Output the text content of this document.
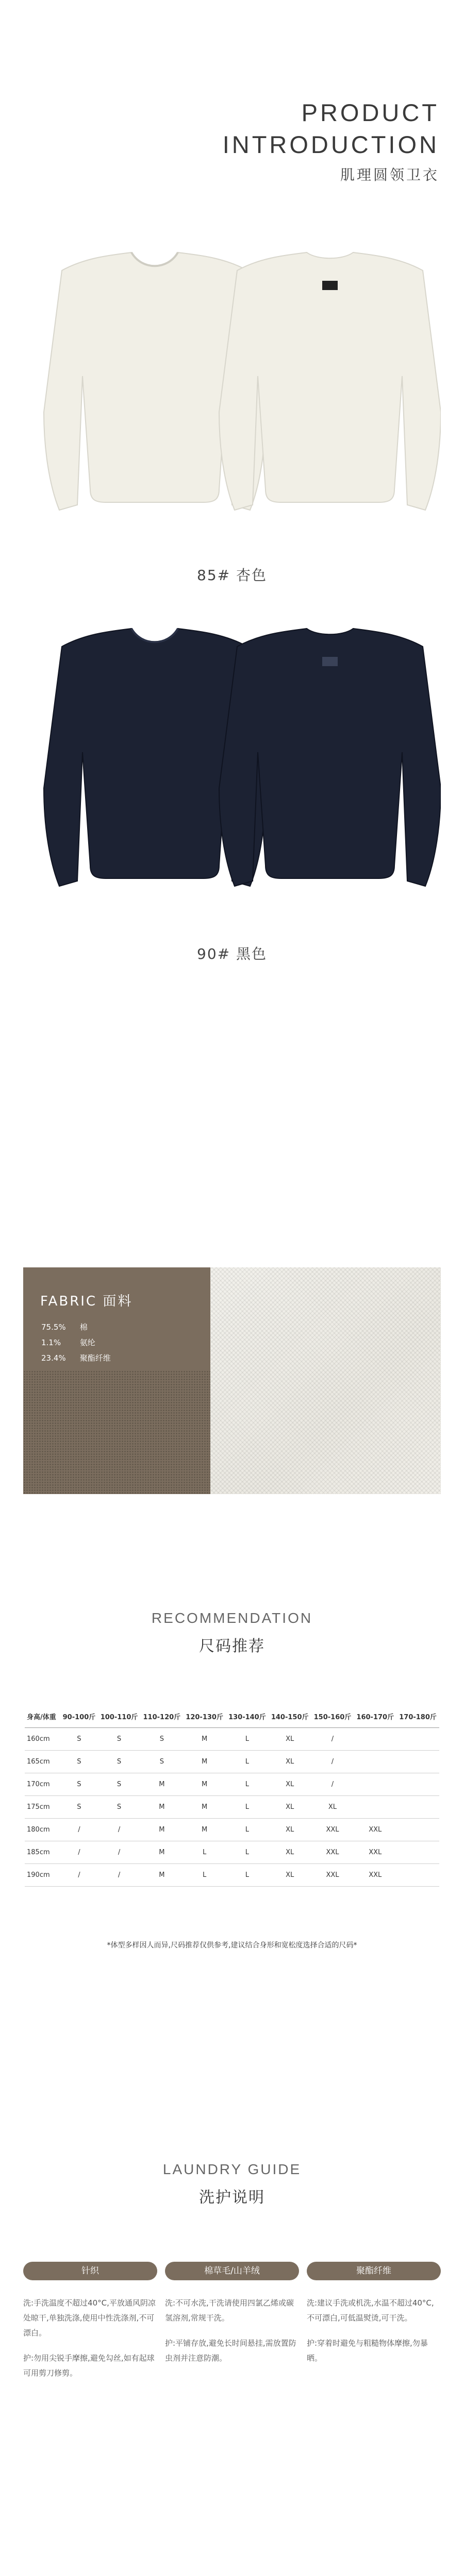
PRODUCT
INTRODUCTION
肌理圆领卫衣
85# 杏色
90# 黑色
FABRIC 面料
75.5% 棉
1.1% 氨纶
23.4% 聚酯纤维
RECOMMENDATION
尺码推荐
身高/体重	90-100斤	100-110斤	110-120斤	120-130斤	130-140斤	140-150斤	150-160斤	160-170斤	170-180斤
160cm	S	S	S	M	L	XL	/		
165cm	S	S	S	M	L	XL	/		
170cm	S	S	M	M	L	XL	/		
175cm	S	S	M	M	L	XL	XL		
180cm	/	/	M	M	L	XL	XXL	XXL	
185cm	/	/	M	L	L	XL	XXL	XXL	
190cm	/	/	M	L	L	XL	XXL	XXL	
*体型多样因人而异,尺码推荐仅供参考,建议结合身形和宽松度选择合适的尺码*
LAUNDRY GUIDE
洗护说明
针织

洗:手洗温度不超过40°C,平放通风阴凉处晾干,单独洗涤,使用中性洗涤剂,不可漂白。

护:勿用尖锐手摩擦,避免勾丝,如有起球可用剪刀修剪。

棉草毛/山羊绒

洗:不可水洗,干洗请使用四氯乙烯或碳氢溶剂,常规干洗。

护:平铺存放,避免长时间悬挂,需放置防虫剂并注意防潮。

聚酯纤维

洗:建议手洗或机洗,水温不超过40°C,不可漂白,可低温熨烫,可干洗。

护:穿着时避免与粗糙物体摩擦,勿暴晒。
